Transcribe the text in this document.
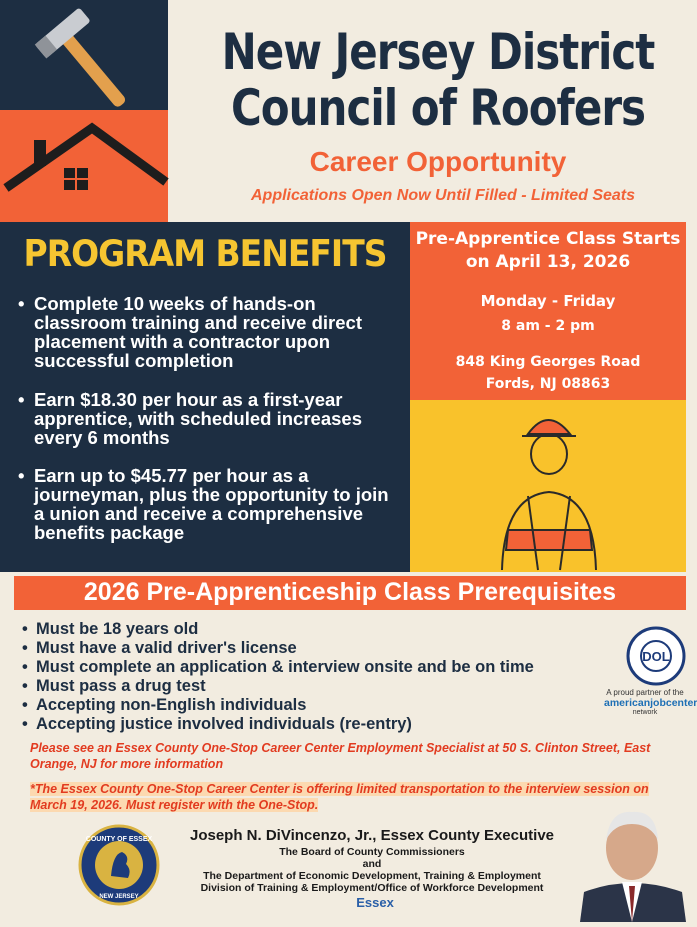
New Jersey District
Council of Roofers
Career Opportunity
Applications Open Now Until Filled - Limited Seats
PROGRAM BENEFITS
• Complete 10 weeks of hands-on classroom training and receive direct placement with a contractor upon successful completion
• Earn $18.30 per hour as a first-year apprentice, with scheduled increases every 6 months
• Earn up to $45.77 per hour as a journeyman, plus the opportunity to join a union and receive a comprehensive benefits package
Pre-Apprentice Class Starts
on April 13, 2026
Monday - Friday
8 am - 2 pm
848 King Georges Road
Fords, NJ 08863
2026 Pre-Apprenticeship Class Prerequisites
• Must be 18 years old
• Must have a valid driver's license
• Must complete an application & interview onsite and be on time
• Must pass a drug test
• Accepting non-English individuals
• Accepting justice involved individuals (re-entry)
DOL
A proud partner of the
americanjobcenter
network
Please see an Essex County One-Stop Career Center Employment Specialist at 50 S. Clinton Street, East Orange, NJ for more information
*The Essex County One-Stop Career Center is offering limited transportation to the interview session on March 19, 2026. Must register with the One-Stop.
COUNTY OF ESSEX
NEW JERSEY
Joseph N. DiVincenzo, Jr., Essex County Executive
The Board of County Commissioners
and
The Department of Economic Development, Training & Employment
Division of Training & Employment/Office of Workforce Development
Essex
